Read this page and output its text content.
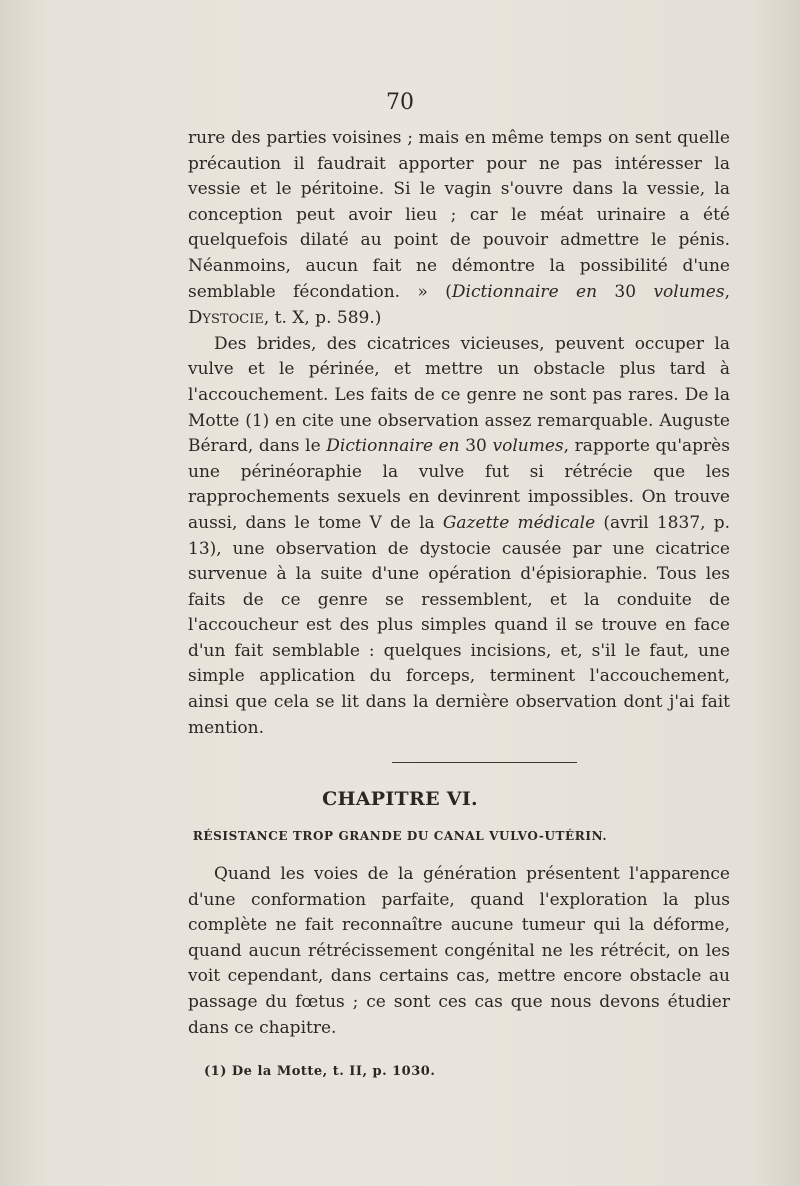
70

rure des parties voisines ; mais en même temps on sent quelle précaution il faudrait apporter pour ne pas intéresser la vessie et le péritoine. Si le vagin s'ouvre dans la vessie, la conception peut avoir lieu ; car le méat urinaire a été quelquefois dilaté au point de pouvoir admettre le pénis. Néanmoins, aucun fait ne démontre la possibilité d'une semblable fécondation. » (Dictionnaire en 30 volumes, Dystocie, t. X, p. 589.)

Des brides, des cicatrices vicieuses, peuvent occuper la vulve et le périnée, et mettre un obstacle plus tard à l'accouchement. Les faits de ce genre ne sont pas rares. De la Motte (1) en cite une observation assez remarquable. Auguste Bérard, dans le Dictionnaire en 30 volumes, rapporte qu'après une périnéoraphie la vulve fut si rétrécie que les rapprochements sexuels en devinrent impossibles. On trouve aussi, dans le tome V de la Gazette médicale (avril 1837, p. 13), une observation de dystocie causée par une cicatrice survenue à la suite d'une opération d'épisioraphie. Tous les faits de ce genre se ressemblent, et la conduite de l'accoucheur est des plus simples quand il se trouve en face d'un fait semblable : quelques incisions, et, s'il le faut, une simple application du forceps, terminent l'accouchement, ainsi que cela se lit dans la dernière observation dont j'ai fait mention.

CHAPITRE VI.
RÉSISTANCE TROP GRANDE DU CANAL VULVO-UTÉRIN.

Quand les voies de la génération présentent l'apparence d'une conformation parfaite, quand l'exploration la plus complète ne fait reconnaître aucune tumeur qui la déforme, quand aucun rétrécissement congénital ne les rétrécit, on les voit cependant, dans certains cas, mettre encore obstacle au passage du fœtus ; ce sont ces cas que nous devons étudier dans ce chapitre.

(1) De la Motte, t. II, p. 1030.
